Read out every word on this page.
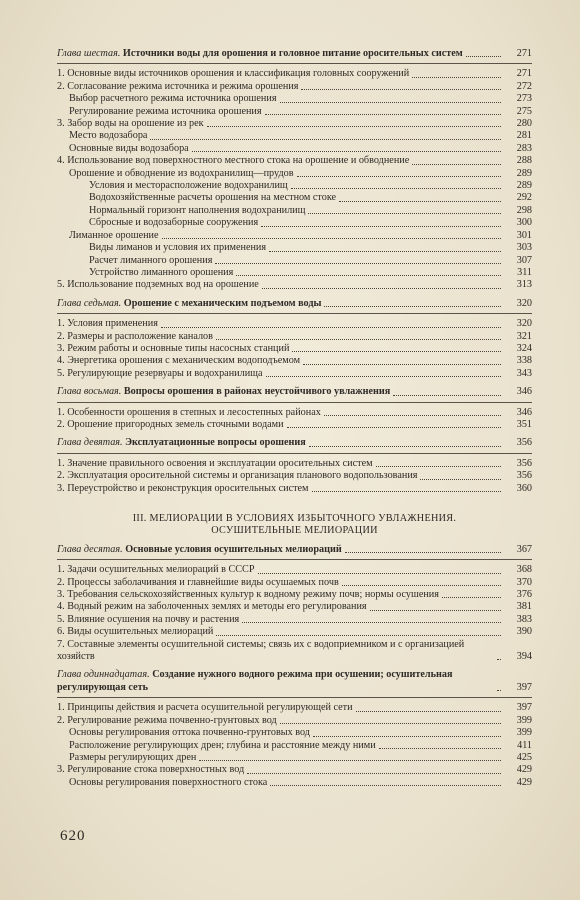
Глава шестая. Источники воды для орошения и головное питание оросительных систем	271
1. Основные виды источников орошения и классификация головных сооружений	271
2. Согласование режима источника и режима орошения	272
Выбор расчетного режима источника орошения	273
Регулирование режима источника орошения	275
3. Забор воды на орошение из рек	280
Место водозабора	281
Основные виды водозабора	283
4. Использование вод поверхностного местного стока на орошение и обводнение	288
Орошение и обводнение из водохранилищ—прудов	289
Условия и месторасположение водохранилищ	289
Водохозяйственные расчеты орошения на местном стоке	292
Нормальный горизонт наполнения водохранилищ	298
Сбросные и водозаборные сооружения	300
Лиманное орошение	301
Виды лиманов и условия их применения	303
Расчет лиманного орошения	307
Устройство лиманного орошения	311
5. Использование подземных вод на орошение	313
Глава седьмая. Орошение с механическим подъемом воды	320
1. Условия применения	320
2. Размеры и расположение каналов	321
3. Режим работы и основные типы насосных станций	324
4. Энергетика орошения с механическим водоподъемом	338
5. Регулирующие резервуары и водохранилища	343
Глава восьмая. Вопросы орошения в районах неустойчивого увлажнения	346
1. Особенности орошения в степных и лесостепных районах	346
2. Орошение пригородных земель сточными водами	351
Глава девятая. Эксплуатационные вопросы орошения	356
1. Значение правильного освоения и эксплуатации оросительных систем	356
2. Эксплуатация оросительной системы и организация планового водопользования	356
3. Переустройство и реконструкция оросительных систем	360
III. МЕЛИОРАЦИИ В УСЛОВИЯХ ИЗБЫТОЧНОГО УВЛАЖНЕНИЯ.
ОСУШИТЕЛЬНЫЕ МЕЛИОРАЦИИ
Глава десятая. Основные условия осушительных мелиораций	367
1. Задачи осушительных мелиораций в СССР	368
2. Процессы заболачивания и главнейшие виды осушаемых почв	370
3. Требования сельскохозяйственных культур к водному режиму почв; нормы осушения	376
4. Водный режим на заболоченных землях и методы его регулирования	381
5. Влияние осушения на почву и растения	383
6. Виды осушительных мелиораций	390
7. Составные элементы осушительной системы; связь их с водоприемником и с организацией хозяйств	394
Глава одиннадцатая. Создание нужного водного режима при осушении; осушительная регулирующая сеть	397
1. Принципы действия и расчета осушительной регулирующей сети	397
2. Регулирование режима почвенно-грунтовых вод	399
Основы регулирования оттока почвенно-грунтовых вод	399
Расположение регулирующих дрен; глубина и расстояние между ними	411
Размеры регулирующих дрен	425
3. Регулирование стока поверхностных вод	429
Основы регулирования поверхностного стока	429
620
